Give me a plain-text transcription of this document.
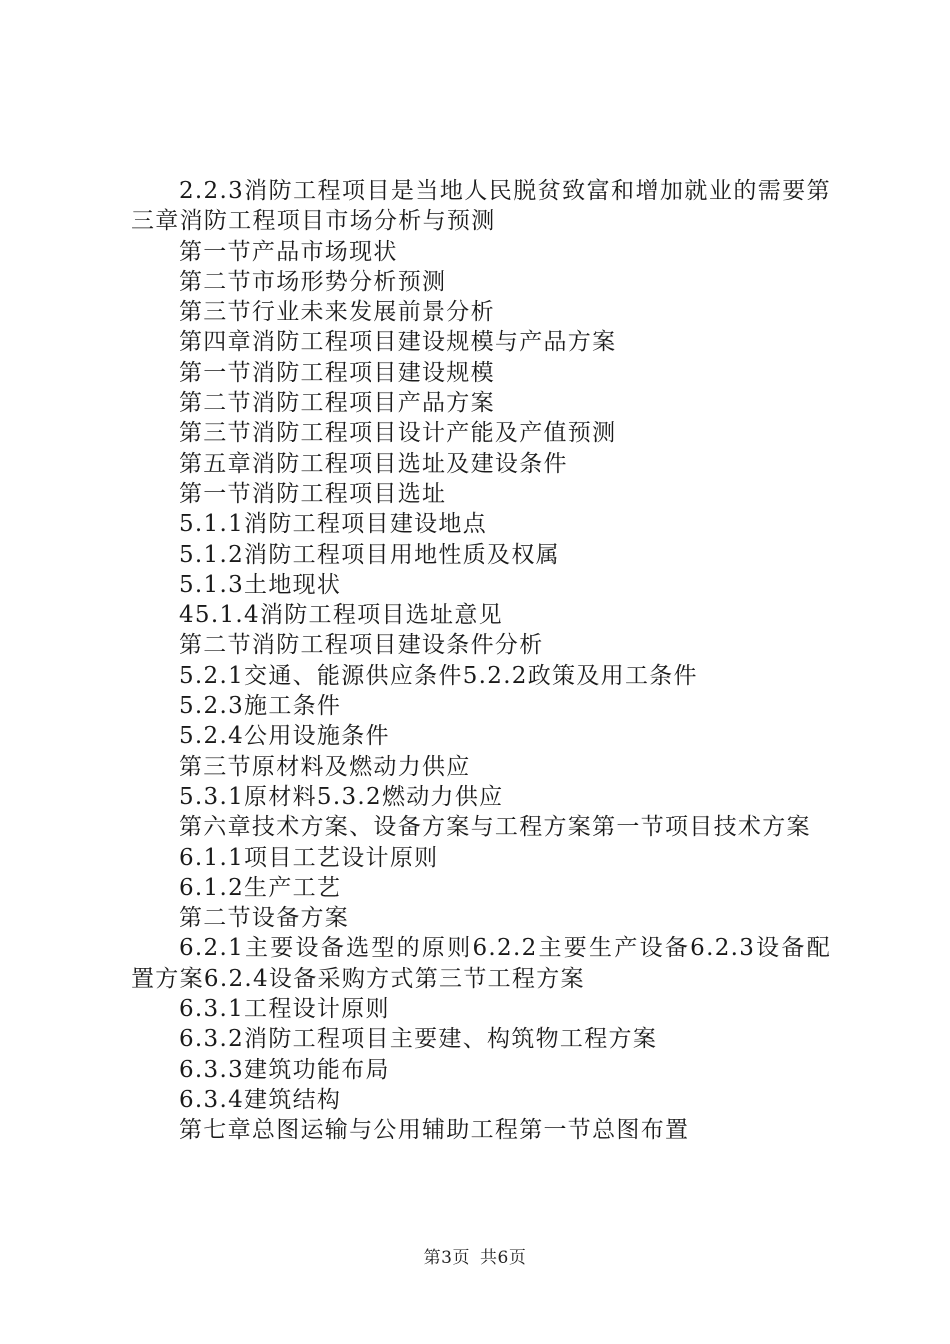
2.2.3消防工程项目是当地人民脱贫致富和增加就业的需要第三章消防工程项目市场分析与预测
第一节产品市场现状
第二节市场形势分析预测
第三节行业未来发展前景分析
第四章消防工程项目建设规模与产品方案
第一节消防工程项目建设规模
第二节消防工程项目产品方案
第三节消防工程项目设计产能及产值预测
第五章消防工程项目选址及建设条件
第一节消防工程项目选址
5.1.1消防工程项目建设地点
5.1.2消防工程项目用地性质及权属
5.1.3土地现状
45.1.4消防工程项目选址意见
第二节消防工程项目建设条件分析
5.2.1交通、能源供应条件5.2.2政策及用工条件
5.2.3施工条件
5.2.4公用设施条件
第三节原材料及燃动力供应
5.3.1原材料5.3.2燃动力供应
第六章技术方案、设备方案与工程方案第一节项目技术方案
6.1.1项目工艺设计原则
6.1.2生产工艺
第二节设备方案
6.2.1主要设备选型的原则6.2.2主要生产设备6.2.3设备配置方案6.2.4设备采购方式第三节工程方案
6.3.1工程设计原则
6.3.2消防工程项目主要建、构筑物工程方案
6.3.3建筑功能布局
6.3.4建筑结构
第七章总图运输与公用辅助工程第一节总图布置
第3页 共6页
